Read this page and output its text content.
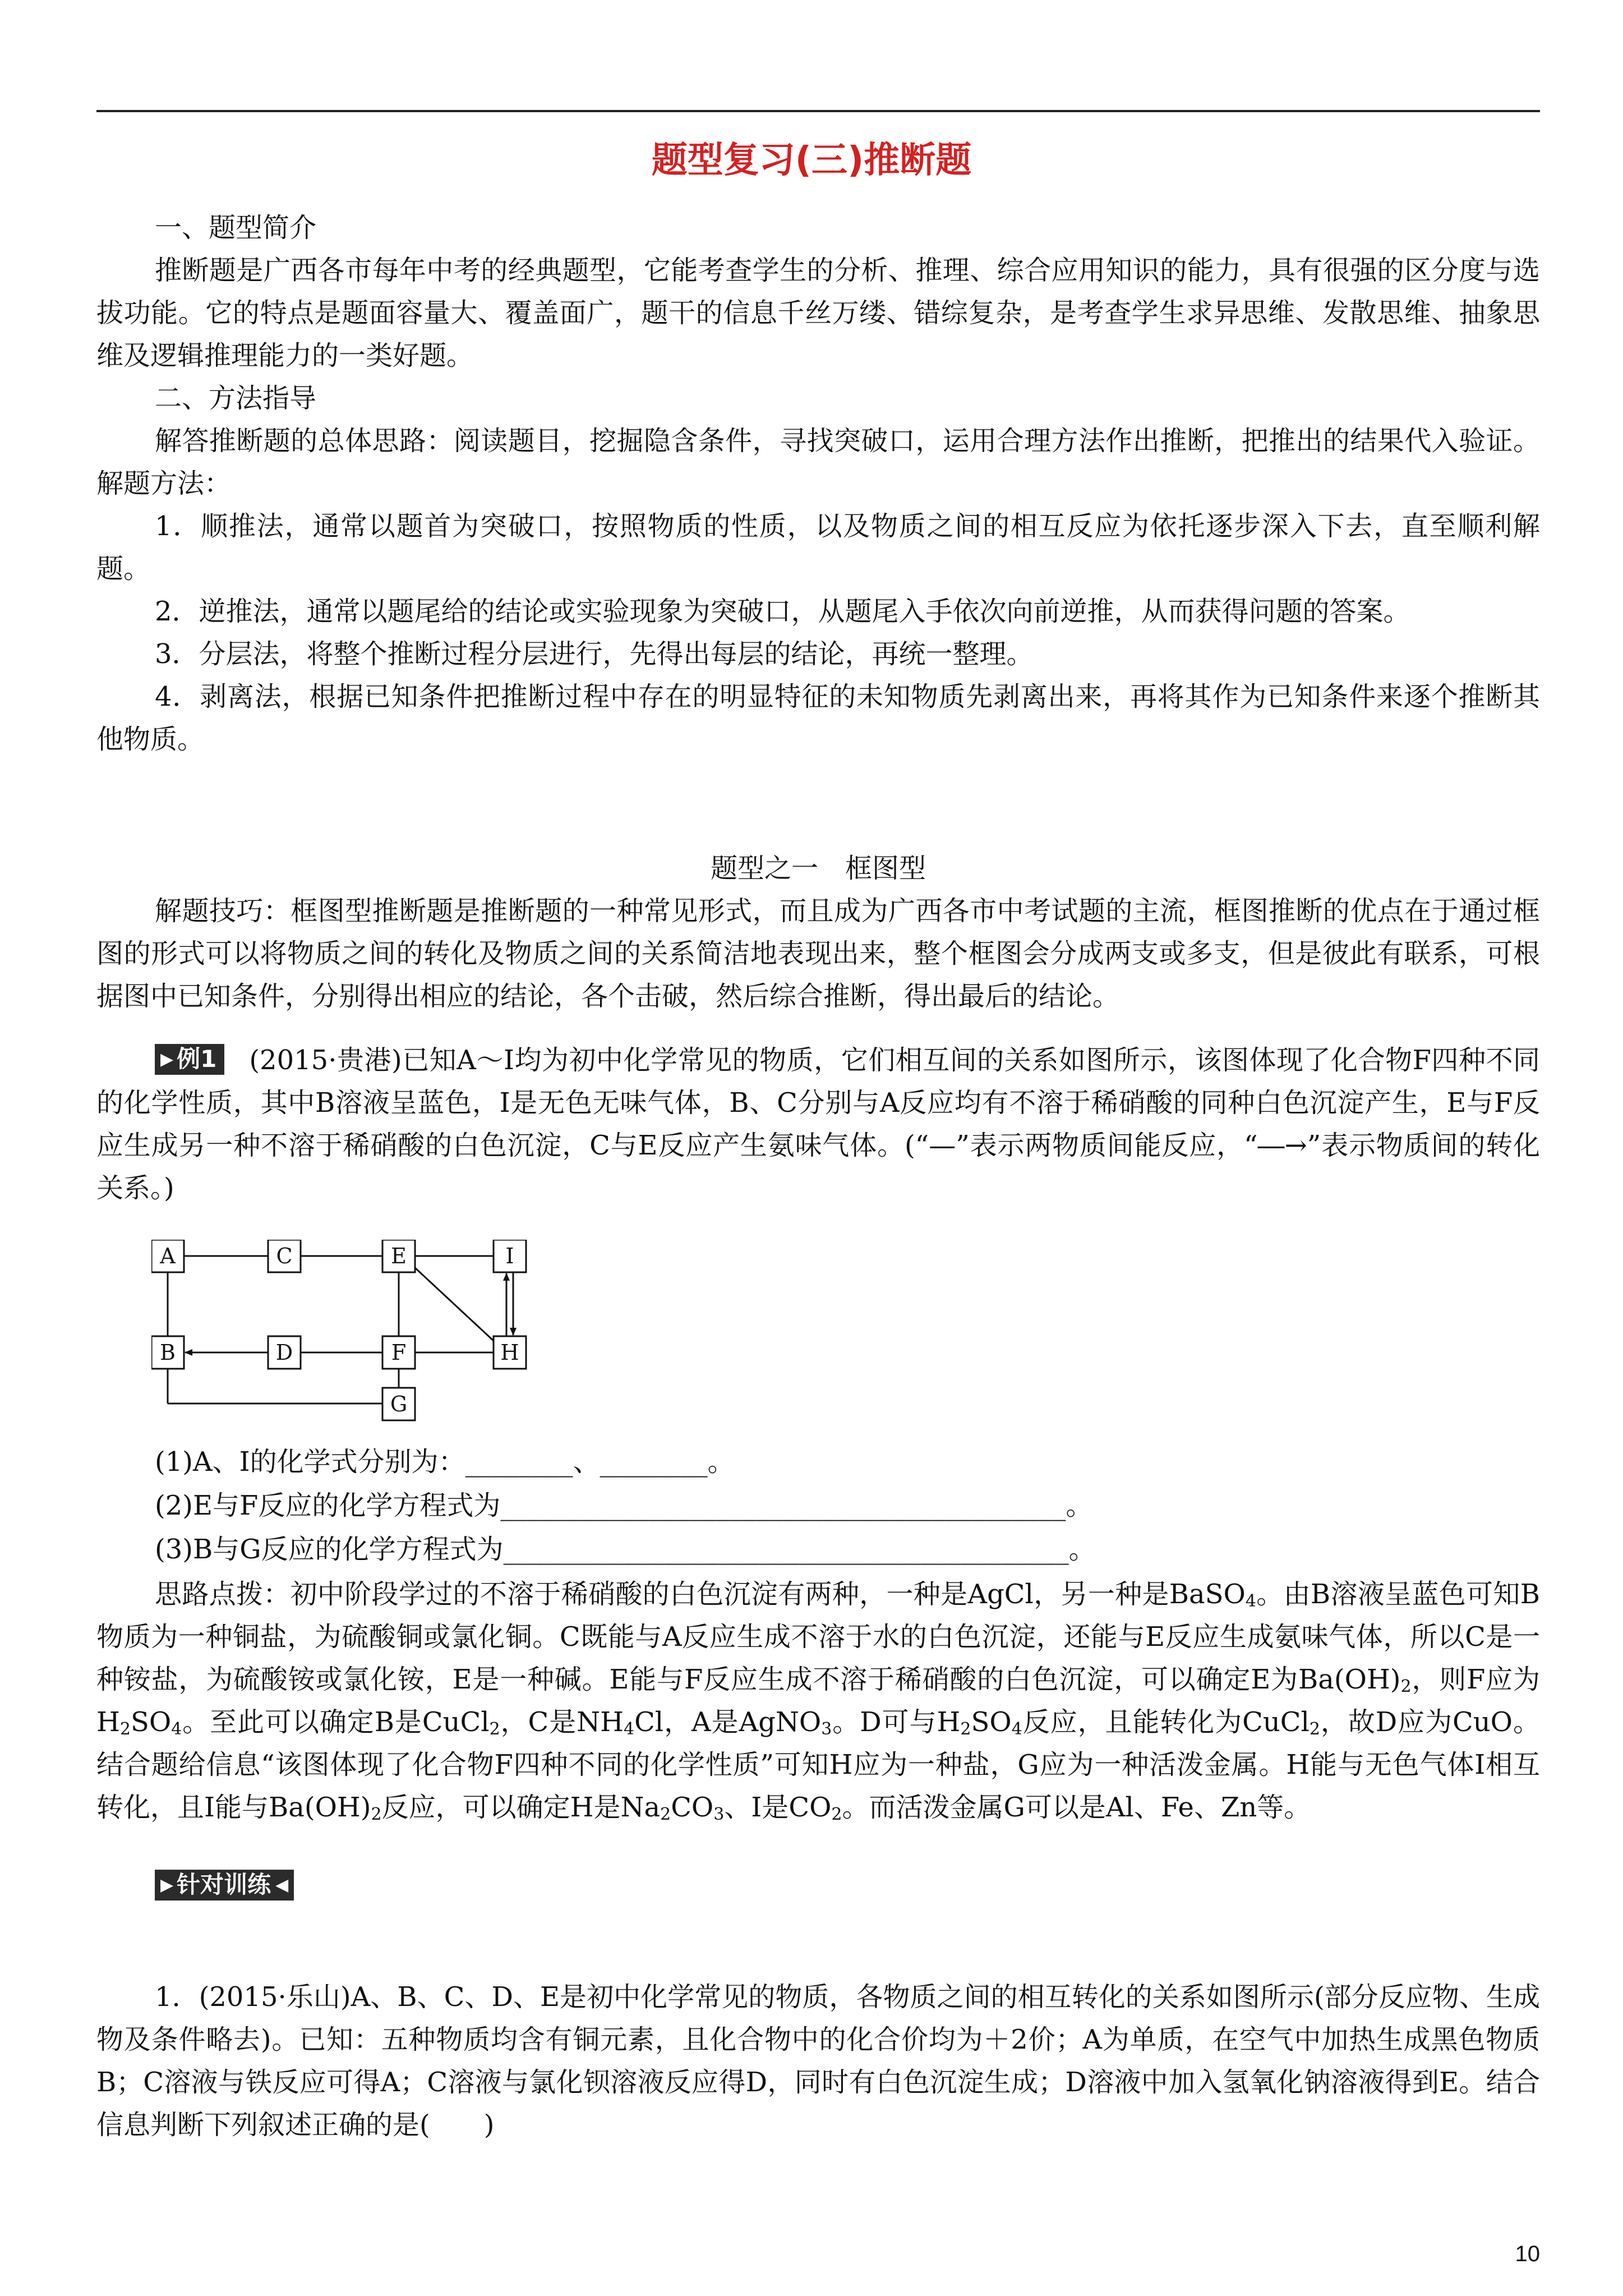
题型复习(三)推断题

一、题型简介

推断题是广西各市每年中考的经典题型，它能考查学生的分析、推理、综合应用知识的能力，具有很强的区分度与选拔功能。它的特点是题面容量大、覆盖面广，题干的信息千丝万缕、错综复杂，是考查学生求异思维、发散思维、抽象思维及逻辑推理能力的一类好题。

二、方法指导

解答推断题的总体思路：阅读题目，挖掘隐含条件，寻找突破口，运用合理方法作出推断，把推出的结果代入验证。解题方法：

1．顺推法，通常以题首为突破口，按照物质的性质，以及物质之间的相互反应为依托逐步深入下去，直至顺利解题。

2．逆推法，通常以题尾给的结论或实验现象为突破口，从题尾入手依次向前逆推，从而获得问题的答案。

3．分层法，将整个推断过程分层进行，先得出每层的结论，再统一整理。

4．剥离法，根据已知条件把推断过程中存在的明显特征的未知物质先剥离出来，再将其作为已知条件来逐个推断其他物质。

题型之一　框图型

解题技巧：框图型推断题是推断题的一种常见形式，而且成为广西各市中考试题的主流，框图推断的优点在于通过框图的形式可以将物质之间的转化及物质之间的关系简洁地表现出来，整个框图会分成两支或多支，但是彼此有联系，可根据图中已知条件，分别得出相应的结论，各个击破，然后综合推断，得出最后的结论。

▶ 例1 (2015·贵港)已知A～I均为初中化学常见的物质，它们相互间的关系如图所示，该图体现了化合物F四种不同的化学性质，其中B溶液呈蓝色，I是无色无味气体，B、C分别与A反应均有不溶于稀硝酸的同种白色沉淀产生，E与F反应生成另一种不溶于稀硝酸的白色沉淀，C与E反应产生氨味气体。(“—”表示两物质间能反应，“―→”表示物质间的转化关系。)

A	C	E	I
B	D	F	H
G

(1)A、I的化学式分别为：________、________。

(2)E与F反应的化学方程式为__________________________________________。

(3)B与G反应的化学方程式为__________________________________________。

思路点拨：初中阶段学过的不溶于稀硝酸的白色沉淀有两种，一种是AgCl，另一种是BaSO$_4$。由B溶液呈蓝色可知B物质为一种铜盐，为硫酸铜或氯化铜。C既能与A反应生成不溶于水的白色沉淀，还能与E反应生成氨味气体，所以C是一种铵盐，为硫酸铵或氯化铵，E是一种碱。E能与F反应生成不溶于稀硝酸的白色沉淀，可以确定E为$Ba(OH)_2$，则F应为$H_2SO_4$。至此可以确定B是CuCl$_2$，C是$NH_4Cl$，A是AgNO$_3$。D可与$H_2SO_4$反应，且能转化为CuCl$_2$，故D应为CuO。结合题给信息“该图体现了化合物F四种不同的化学性质”可知H应为一种盐，G应为一种活泼金属。H能与无色气体I相互转化，且I能与$Ba(OH)_2$反应，可以确定H是$Na_2CO_3$、I是$CO_2$。而活泼金属G可以是Al、Fe、Zn等。

▶ 针对训练 ◀

1．(2015·乐山)A、B、C、D、E是初中化学常见的物质，各物质之间的相互转化的关系如图所示(部分反应物、生成物及条件略去)。已知：五种物质均含有铜元素，且化合物中的化合价均为＋2价；A为单质，在空气中加热生成黑色物质B；C溶液与铁反应可得A；C溶液与氯化钡溶液反应得D，同时有白色沉淀生成；D溶液中加入氢氧化钠溶液得到E。结合信息判断下列叙述正确的是(　　)

10
